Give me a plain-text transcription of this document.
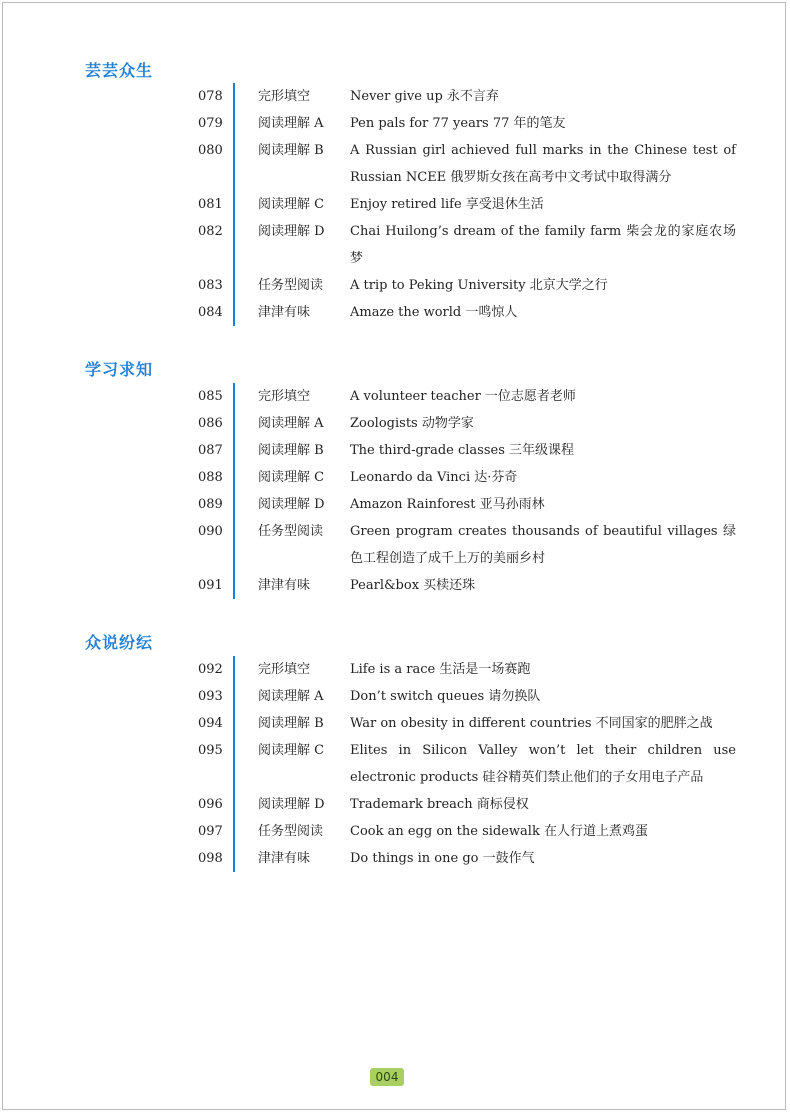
芸芸众生
078	完形填空	Never give up 永不言弃
079	阅读理解 A	Pen pals for 77 years 77 年的笔友
080	阅读理解 B	A Russian girl achieved full marks in the Chinese test of Russian NCEE 俄罗斯女孩在高考中文考试中取得满分
081	阅读理解 C	Enjoy retired life 享受退休生活
082	阅读理解 D	Chai Huilong’s dream of the family farm 柴会龙的家庭农场梦
083	任务型阅读	A trip to Peking University 北京大学之行
084	津津有味	Amaze the world 一鸣惊人
学习求知
085	完形填空	A volunteer teacher 一位志愿者老师
086	阅读理解 A	Zoologists 动物学家
087	阅读理解 B	The third-grade classes 三年级课程
088	阅读理解 C	Leonardo da Vinci 达·芬奇
089	阅读理解 D	Amazon Rainforest 亚马孙雨林
090	任务型阅读	Green program creates thousands of beautiful villages 绿色工程创造了成千上万的美丽乡村
091	津津有味	Pearl&box 买椟还珠
众说纷纭
092	完形填空	Life is a race 生活是一场赛跑
093	阅读理解 A	Don’t switch queues 请勿换队
094	阅读理解 B	War on obesity in different countries 不同国家的肥胖之战
095	阅读理解 C	Elites in Silicon Valley won’t let their children use electronic products 硅谷精英们禁止他们的子女用电子产品
096	阅读理解 D	Trademark breach 商标侵权
097	任务型阅读	Cook an egg on the sidewalk 在人行道上煮鸡蛋
098	津津有味	Do things in one go 一鼓作气
004
